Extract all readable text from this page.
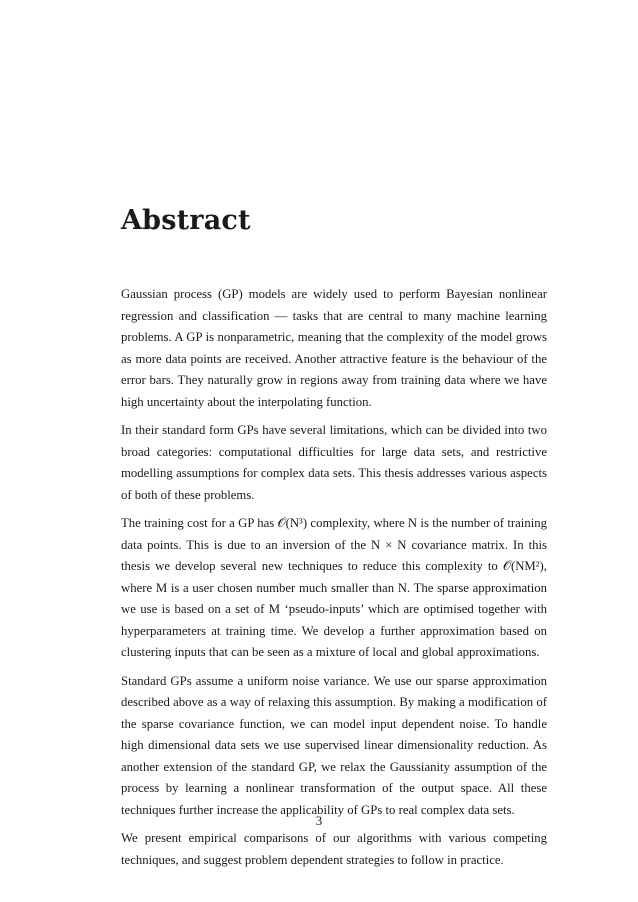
Abstract

Gaussian process (GP) models are widely used to perform Bayesian nonlinear regression and classification — tasks that are central to many machine learning problems. A GP is nonparametric, meaning that the complexity of the model grows as more data points are received. Another attractive feature is the behaviour of the error bars. They naturally grow in regions away from training data where we have high uncertainty about the interpolating function.

In their standard form GPs have several limitations, which can be divided into two broad categories: computational difficulties for large data sets, and restrictive modelling assumptions for complex data sets. This thesis addresses various aspects of both of these problems.

The training cost for a GP has 𝒪(N³) complexity, where N is the number of training data points. This is due to an inversion of the N × N covariance matrix. In this thesis we develop several new techniques to reduce this complexity to 𝒪(NM²), where M is a user chosen number much smaller than N. The sparse approximation we use is based on a set of M ‘pseudo-inputs’ which are optimised together with hyperparameters at training time. We develop a further approximation based on clustering inputs that can be seen as a mixture of local and global approximations.

Standard GPs assume a uniform noise variance. We use our sparse approximation described above as a way of relaxing this assumption. By making a modification of the sparse covariance function, we can model input dependent noise. To handle high dimensional data sets we use supervised linear dimensionality reduction. As another extension of the standard GP, we relax the Gaussianity assumption of the process by learning a nonlinear transformation of the output space. All these techniques further increase the applicability of GPs to real complex data sets.

We present empirical comparisons of our algorithms with various competing techniques, and suggest problem dependent strategies to follow in practice.

3
